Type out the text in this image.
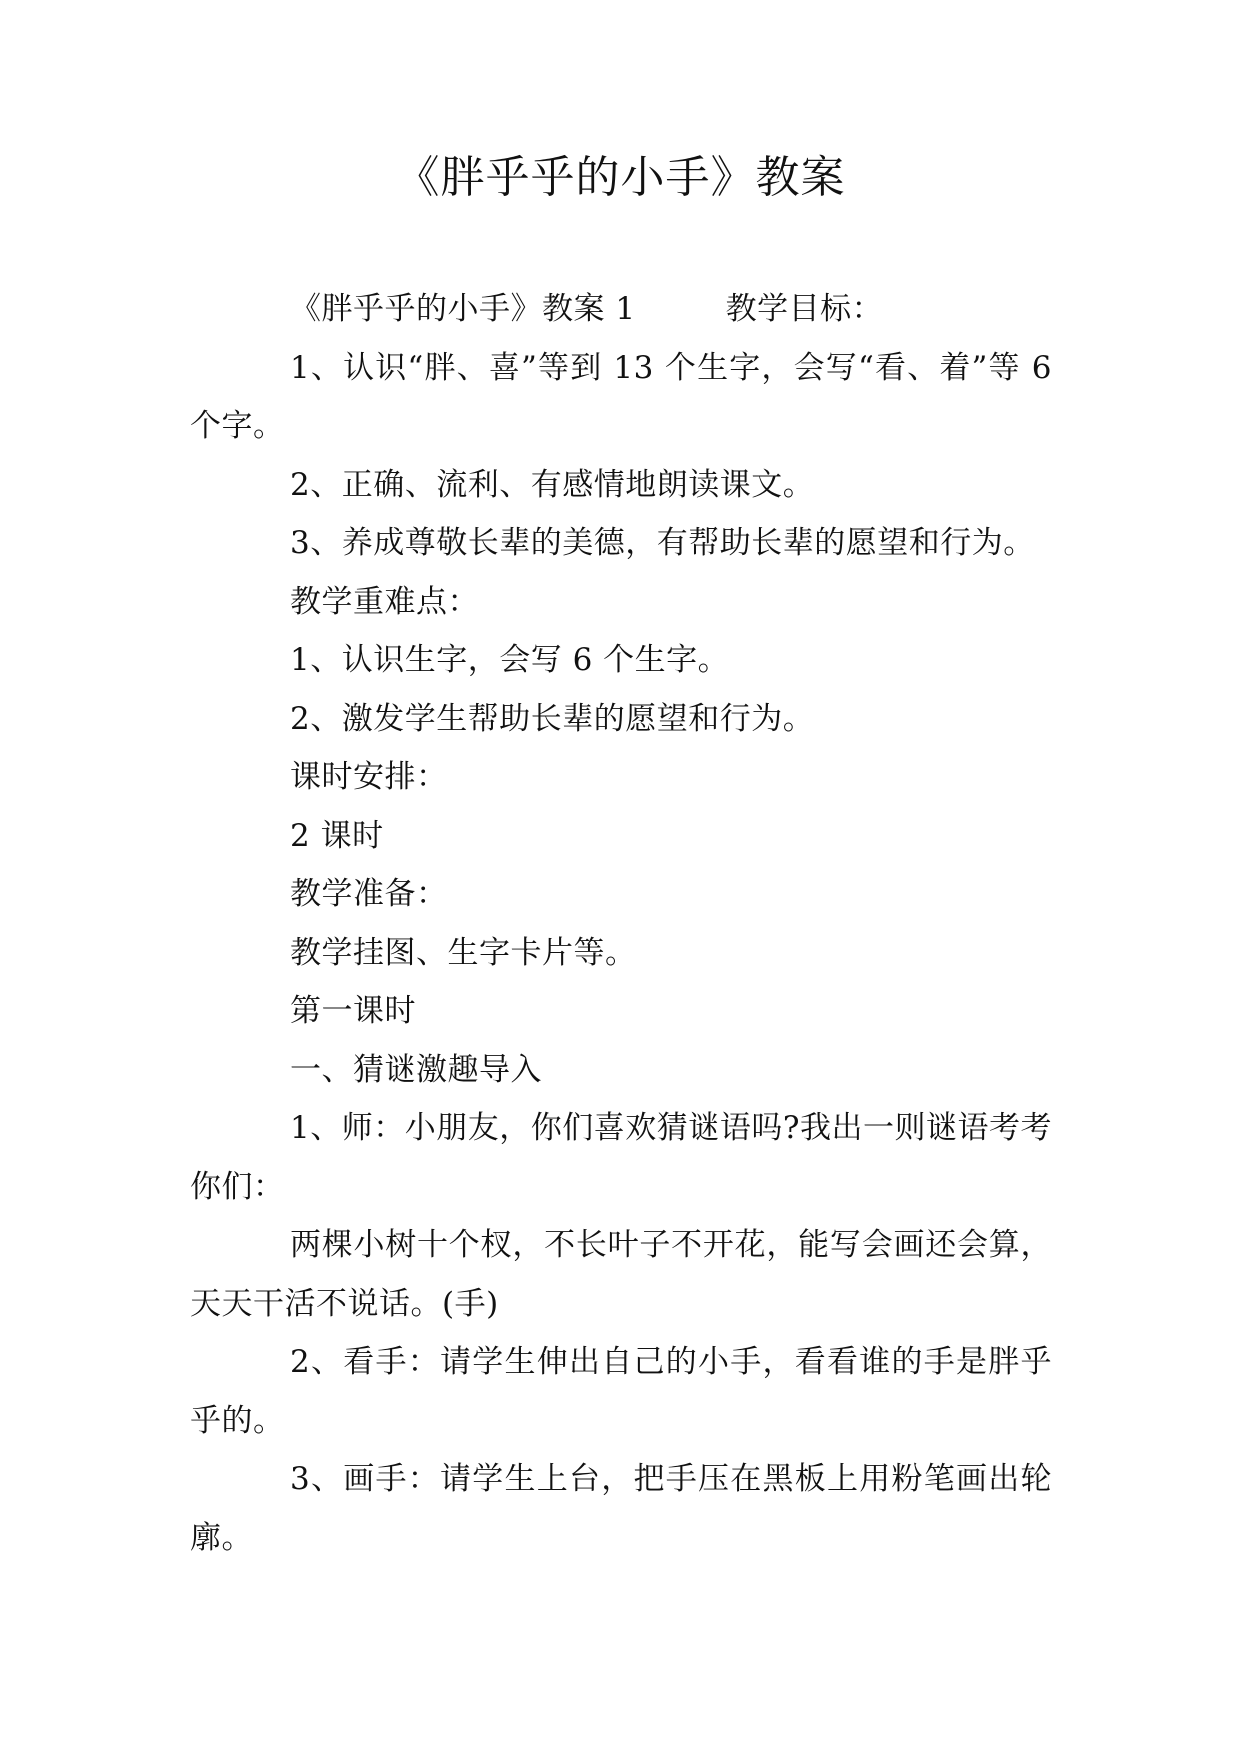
《胖乎乎的小手》教案

《胖乎乎的小手》教案 1	教学目标：

1、认识“胖、喜”等到 13 个生字，会写“看、着”等 6 个字。

2、正确、流利、有感情地朗读课文。

3、养成尊敬长辈的美德，有帮助长辈的愿望和行为。

教学重难点：

1、认识生字，会写 6 个生字。

2、激发学生帮助长辈的愿望和行为。

课时安排：

2 课时

教学准备：

教学挂图、生字卡片等。

第一课时

一、猜谜激趣导入

1、师：小朋友，你们喜欢猜谜语吗?我出一则谜语考考你们：

两棵小树十个杈，不长叶子不开花，能写会画还会算，天天干活不说话。(手)

2、看手：请学生伸出自己的小手，看看谁的手是胖乎乎的。

3、画手：请学生上台，把手压在黑板上用粉笔画出轮廓。
